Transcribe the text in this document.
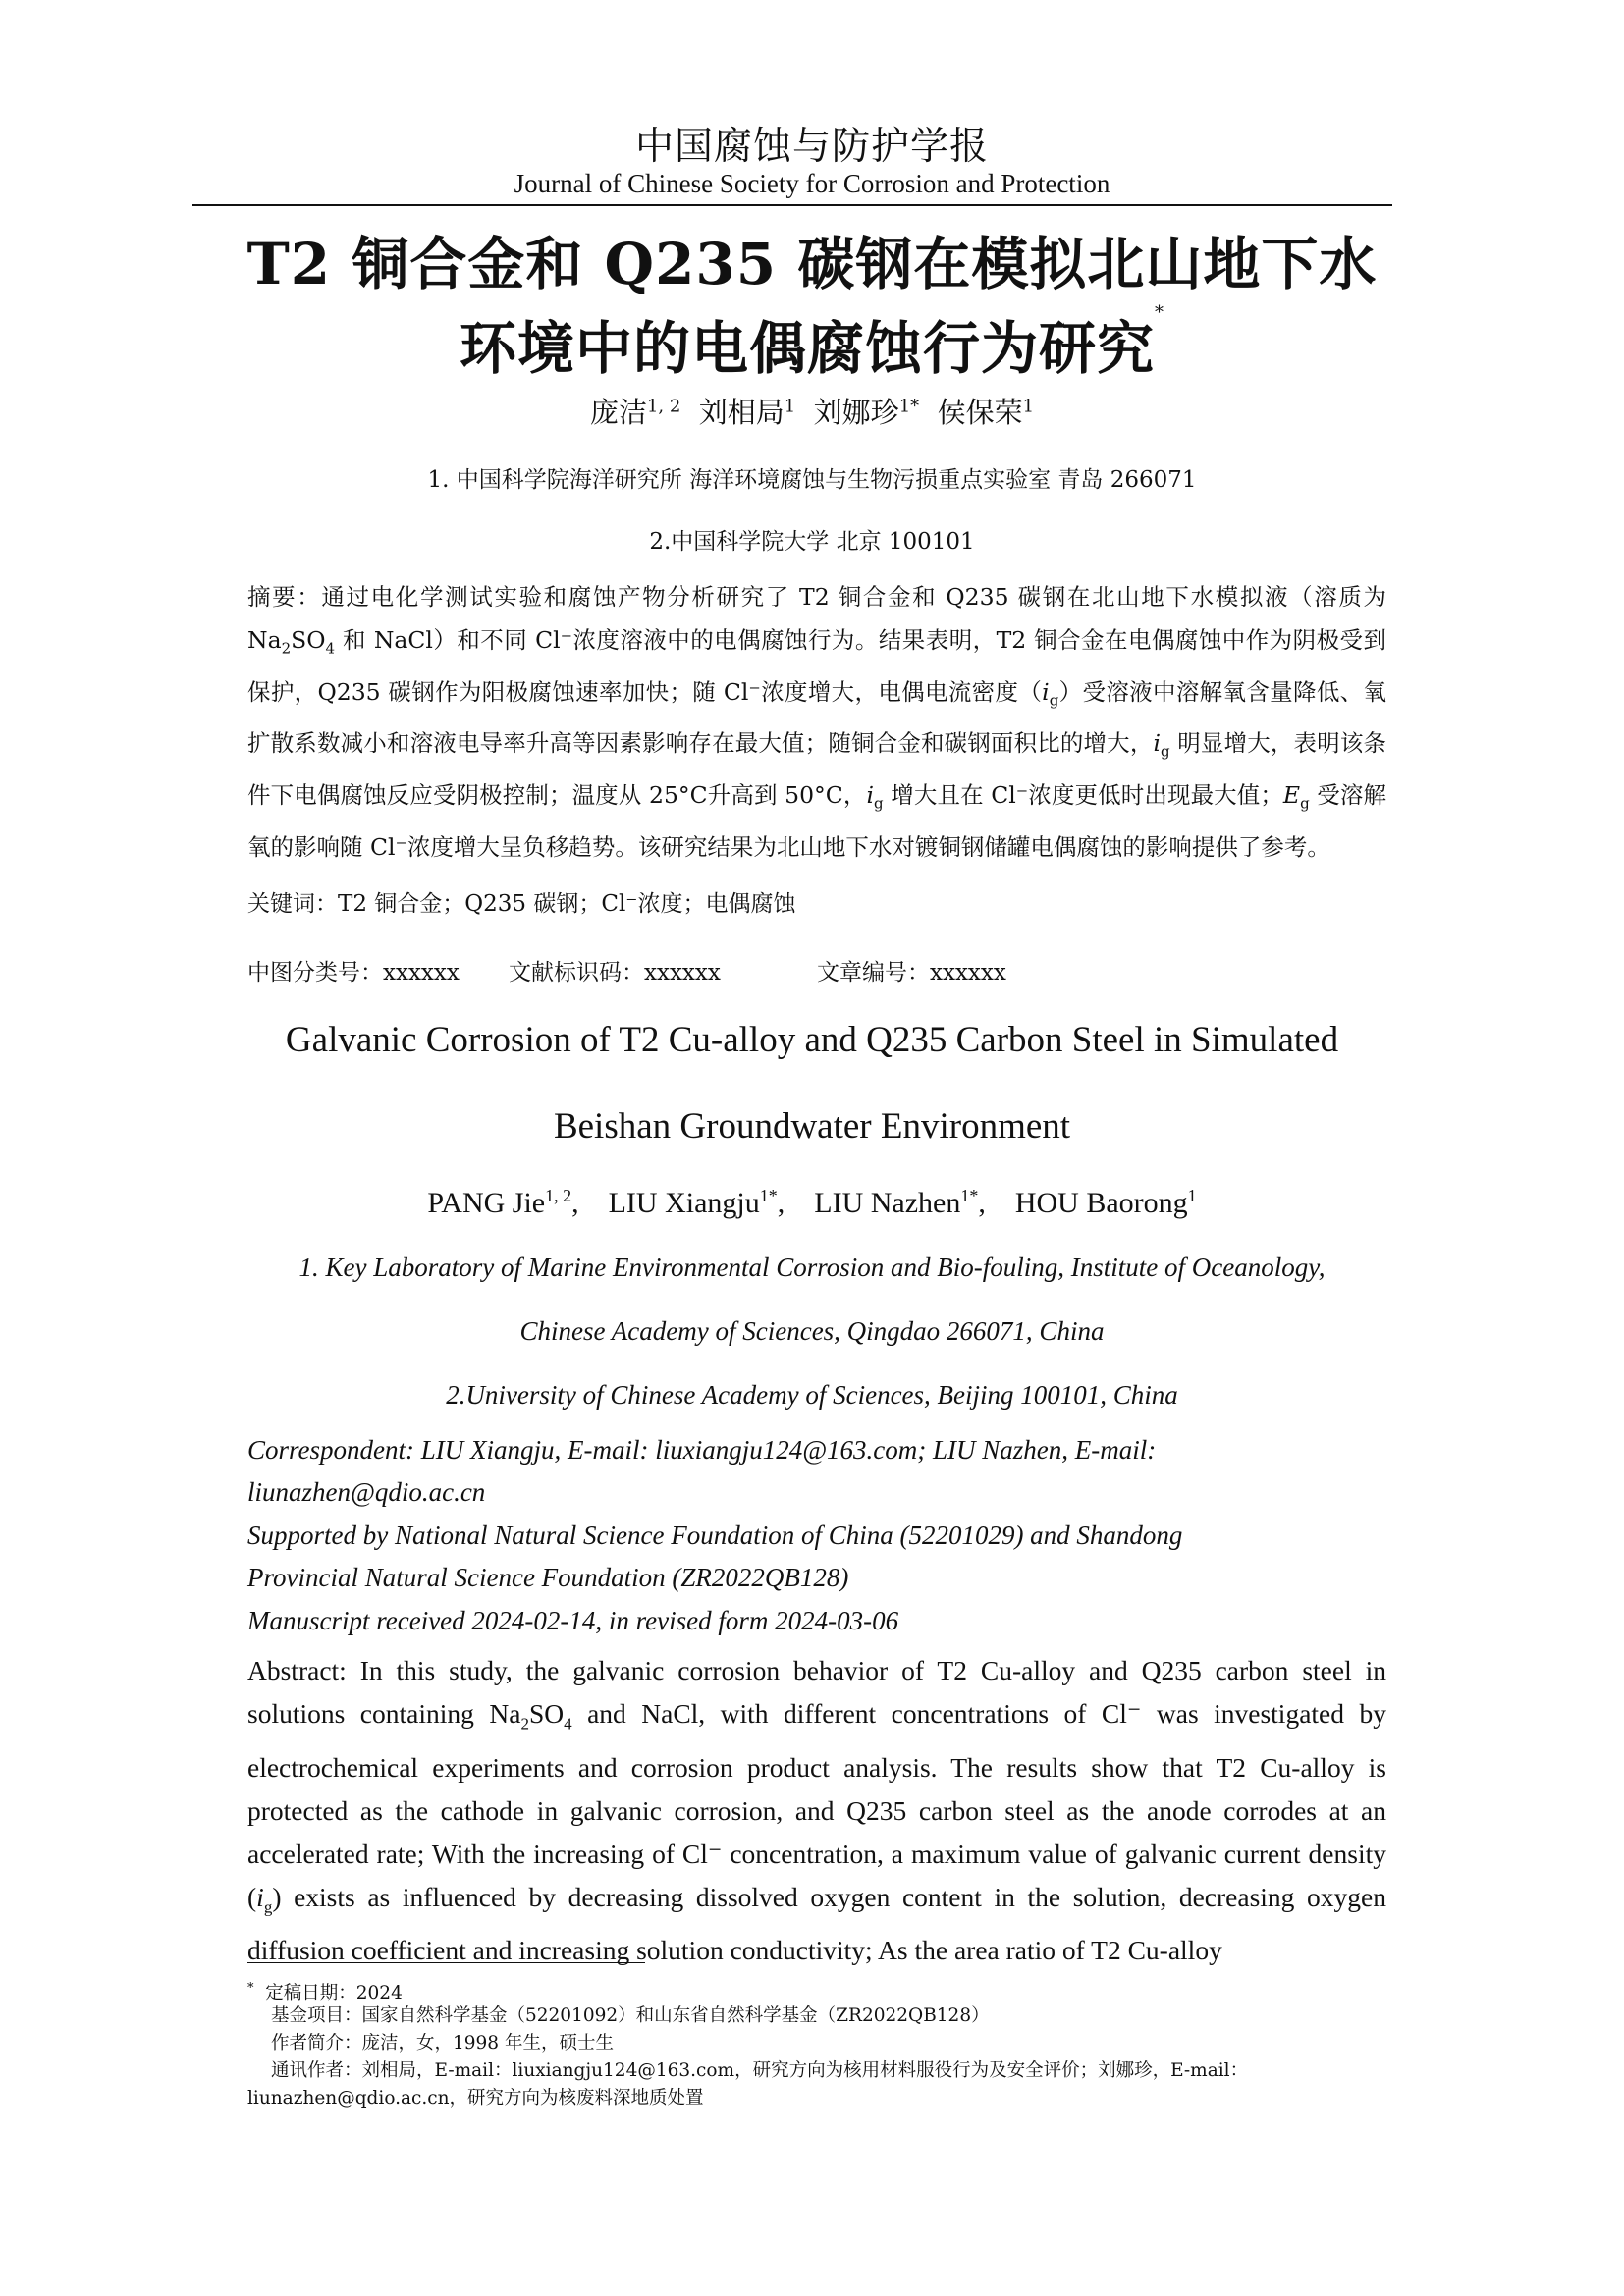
中国腐蚀与防护学报
Journal of Chinese Society for Corrosion and Protection
T2 铜合金和 Q235 碳钢在模拟北山地下水
环境中的电偶腐蚀行为研究*
庞洁$^{1, 2}$ 刘相局$^1$ 刘娜珍$^{1*}$ 侯保荣$^1$
1. 中国科学院海洋研究所 海洋环境腐蚀与生物污损重点实验室 青岛 266071
2.中国科学院大学 北京 100101
摘要：通过电化学测试实验和腐蚀产物分析研究了 T2 铜合金和 Q235 碳钢在北山地下水模拟液（溶质为 $Na_2SO_4$ 和 NaCl）和不同 Cl⁻浓度溶液中的电偶腐蚀行为。结果表明，T2 铜合金在电偶腐蚀中作为阴极受到保护，Q235 碳钢作为阳极腐蚀速率加快；随 Cl⁻浓度增大，电偶电流密度$(i_g)$受溶液中溶解氧含量降低、氧扩散系数减小和溶液电导率升高等因素影响存在最大值；随铜合金和碳钢面积比的增大，$i_g$ 明显增大，表明该条件下电偶腐蚀反应受阴极控制；温度从 25°C升高到 50°C，$i_g$ 增大且在 Cl⁻浓度更低时出现最大值；$E_g$ 受溶解氧的影响随 Cl⁻浓度增大呈负移趋势。该研究结果为北山地下水对镀铜钢储罐电偶腐蚀的影响提供了参考。
关键词：T2 铜合金；Q235 碳钢；Cl⁻浓度；电偶腐蚀
中图分类号：xxxxxx 文献标识码：xxxxxx	文章编号：xxxxxx
Galvanic Corrosion of T2 Cu-alloy and Q235 Carbon Steel in Simulated
Beishan Groundwater Environment
PANG Jie$^{1, 2}$,    LIU Xiangju$^{1*}$,    LIU Nazhen$^{1*}$,    HOU Baorong$^1$
1. Key Laboratory of Marine Environmental Corrosion and Bio-fouling, Institute of Oceanology,
Chinese Academy of Sciences, Qingdao 266071, China
2.University of Chinese Academy of Sciences, Beijing 100101, China
Correspondent: LIU Xiangju, E-mail: liuxiangju124@163.com; LIU Nazhen, E-mail:
liunazhen@qdio.ac.cn
Supported by National Natural Science Foundation of China (52201029) and Shandong
Provincial Natural Science Foundation (ZR2022QB128)
Manuscript received 2024-02-14, in revised form 2024-03-06
Abstract: In this study, the galvanic corrosion behavior of T2 Cu-alloy and Q235 carbon steel in solutions containing $Na_2SO_4$ and NaCl, with different concentrations of Cl⁻ was investigated by electrochemical experiments and corrosion product analysis. The results show that T2 Cu-alloy is protected as the cathode in galvanic corrosion, and Q235 carbon steel as the anode corrodes at an accelerated rate; With the increasing of Cl⁻ concentration, a maximum value of galvanic current density $(i_g)$ exists as influenced by decreasing dissolved oxygen content in the solution, decreasing oxygen diffusion coefficient and increasing solution conductivity; As the area ratio of T2 Cu-alloy
* 定稿日期：2024
基金项目：国家自然科学基金（52201092）和山东省自然科学基金（ZR2022QB128）
作者简介：庞洁，女，1998 年生，硕士生
通讯作者：刘相局，E-mail：liuxiangju124@163.com，研究方向为核用材料服役行为及安全评价；刘娜珍，E-mail：
liunazhen@qdio.ac.cn，研究方向为核废料深地质处置
